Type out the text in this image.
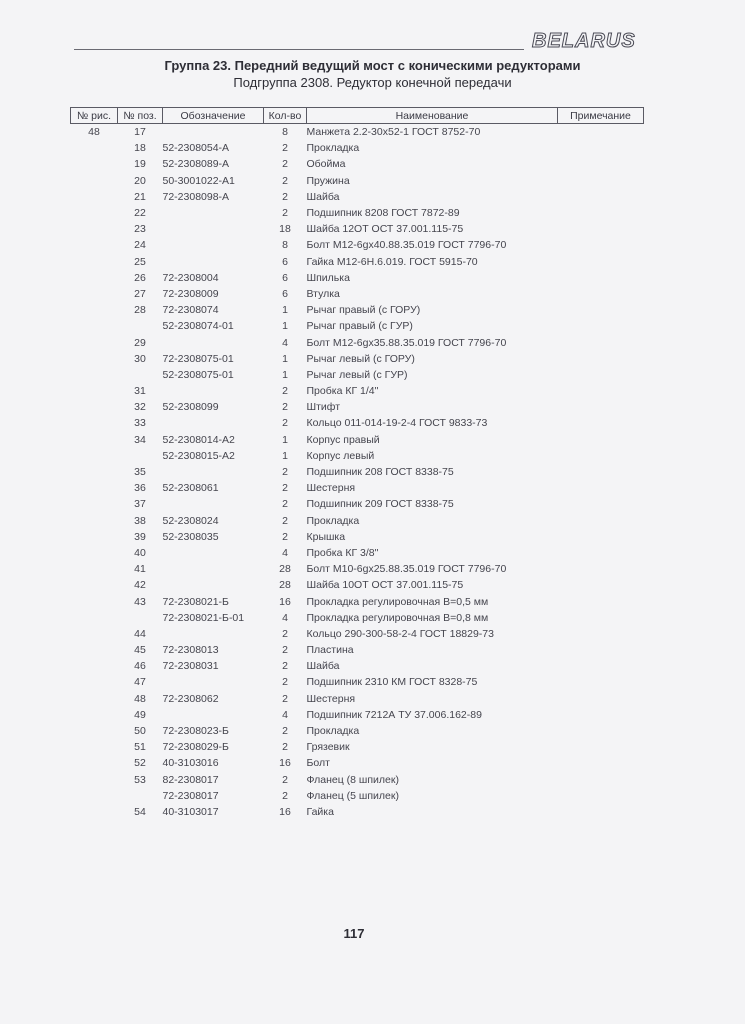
BELARUS
Группа 23. Передний ведущий мост с коническими редукторами
Подгруппа 2308. Редуктор конечной передачи
№ рис.	№ поз.	Обозначение	Кол-во	Наименование	Примечание
48	17		8	Манжета 2.2-30х52-1 ГОСТ 8752-70	
	18	52-2308054-А	2	Прокладка	
	19	52-2308089-А	2	Обойма	
	20	50-3001022-А1	2	Пружина	
	21	72-2308098-А	2	Шайба	
	22		2	Подшипник 8208 ГОСТ 7872-89	
	23		18	Шайба 12ОТ ОСТ 37.001.115-75	
	24		8	Болт М12-6gх40.88.35.019 ГОСТ 7796-70	
	25		6	Гайка М12-6Н.6.019. ГОСТ 5915-70	
	26	72-2308004	6	Шпилька	
	27	72-2308009	6	Втулка	
	28	72-2308074	1	Рычаг правый (с ГОРУ)	
		52-2308074-01	1	Рычаг правый (с ГУР)	
	29		4	Болт М12-6gх35.88.35.019 ГОСТ 7796-70	
	30	72-2308075-01	1	Рычаг левый (с ГОРУ)	
		52-2308075-01	1	Рычаг левый (с ГУР)	
	31		2	Пробка КГ 1/4"	
	32	52-2308099	2	Штифт	
	33		2	Кольцо 011-014-19-2-4 ГОСТ 9833-73	
	34	52-2308014-А2	1	Корпус правый	
		52-2308015-А2	1	Корпус левый	
	35		2	Подшипник 208 ГОСТ 8338-75	
	36	52-2308061	2	Шестерня	
	37		2	Подшипник 209 ГОСТ 8338-75	
	38	52-2308024	2	Прокладка	
	39	52-2308035	2	Крышка	
	40		4	Пробка КГ 3/8"	
	41		28	Болт М10-6gх25.88.35.019 ГОСТ 7796-70	
	42		28	Шайба 10ОТ ОСТ 37.001.115-75	
	43	72-2308021-Б	16	Прокладка регулировочная В=0,5 мм	
		72-2308021-Б-01	4	Прокладка регулировочная В=0,8 мм	
	44		2	Кольцо 290-300-58-2-4 ГОСТ 18829-73	
	45	72-2308013	2	Пластина	
	46	72-2308031	2	Шайба	
	47		2	Подшипник 2310 КМ ГОСТ 8328-75	
	48	72-2308062	2	Шестерня	
	49		4	Подшипник 7212А ТУ 37.006.162-89	
	50	72-2308023-Б	2	Прокладка	
	51	72-2308029-Б	2	Грязевик	
	52	40-3103016	16	Болт	
	53	82-2308017	2	Фланец (8 шпилек)	
		72-2308017	2	Фланец (5 шпилек)	
	54	40-3103017	16	Гайка	
117
